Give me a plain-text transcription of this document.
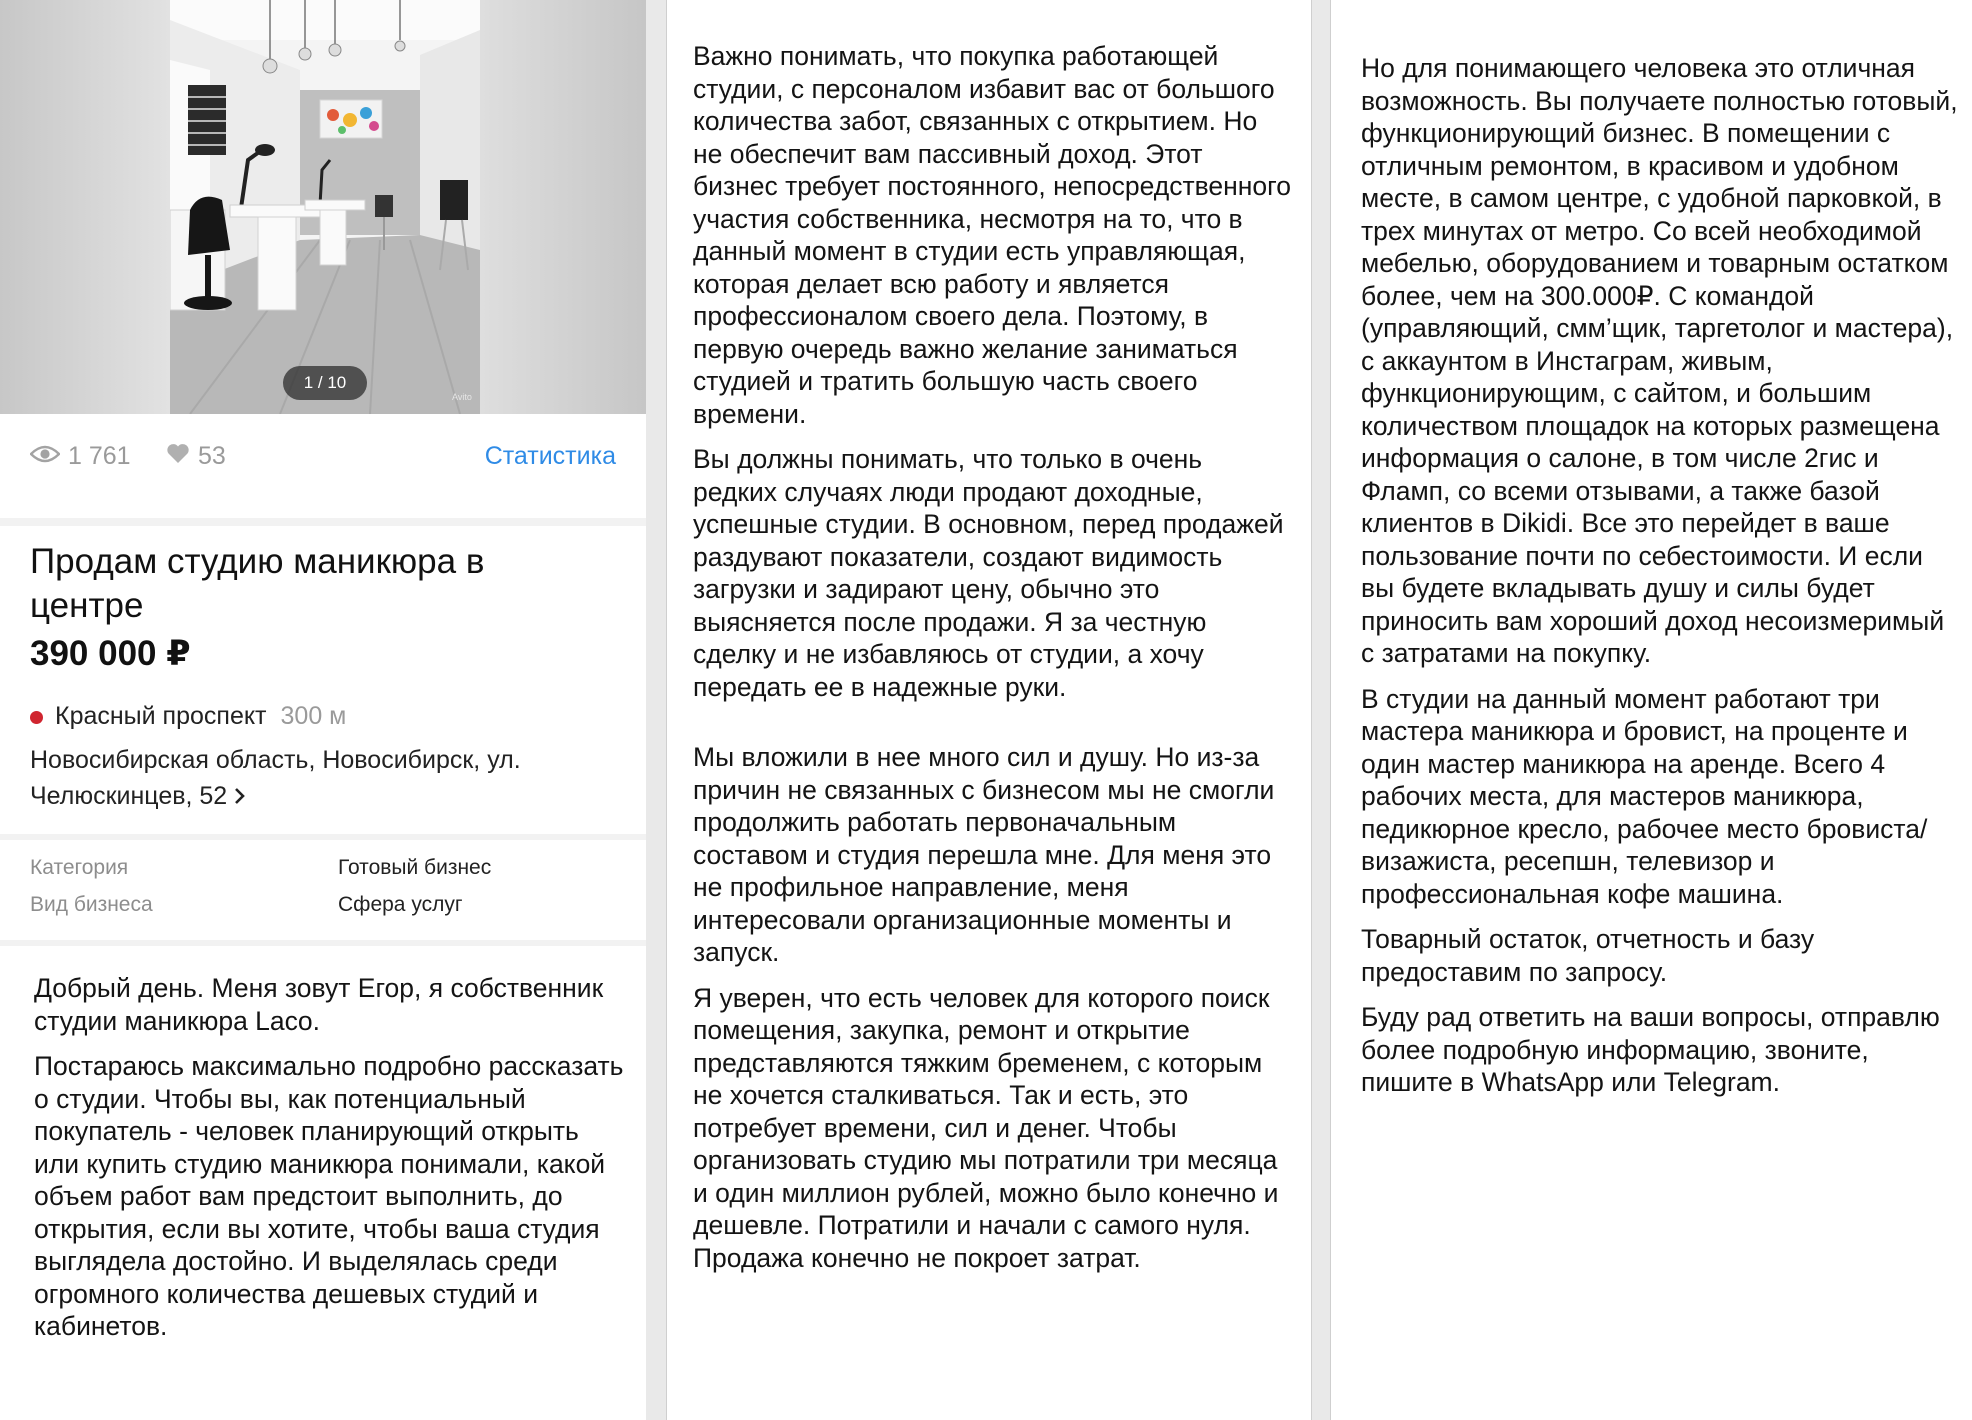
Avito
1 / 10
1 761	53	Статистика
Продам студию маникюра в центре
390 000 ₽
Красный проспект 300 м
Новосибирская область, Новосибирск, ул. Челюскинцев, 52
Категория	Готовый бизнес
Вид бизнеса	Сфера услуг

Добрый день. Меня зовут Егор, я собственник студии маникюра Laco.

Постараюсь максимально подробно рассказать о студии. Чтобы вы, как потенциальный покупатель - человек планирующий открыть или купить студию маникюра понимали, какой объем работ вам предстоит выполнить, до открытия, если вы хотите, чтобы ваша студия выглядела достойно. И выделялась среди огромного количества дешевых студий и кабинетов.

Важно понимать, что покупка работающей студии, с персоналом избавит вас от большого количества забот, связанных с открытием. Но не обеспечит вам пассивный доход. Этот бизнес требует постоянного, непосредственного участия собственника, несмотря на то, что в данный момент в студии есть управляющая, которая делает всю работу и является профессионалом своего дела. Поэтому, в первую очередь важно желание заниматься студией и тратить большую часть своего времени.

Вы должны понимать, что только в очень редких случаях люди продают доходные, успешные студии. В основном, перед продажей раздувают показатели, создают видимость загрузки и задирают цену, обычно это выясняется после продажи. Я за честную сделку и не избавляюсь от студии, а хочу передать ее в надежные руки.

Мы вложили в нее много сил и душу. Но из-за причин не связанных с бизнесом мы не смогли продолжить работать первоначальным составом и студия перешла мне. Для меня это не профильное направление, меня интересовали организационные моменты и запуск.

Я уверен, что есть человек для которого поиск помещения, закупка, ремонт и открытие представляются тяжким бременем, с которым не хочется сталкиваться. Так и есть, это потребует времени, сил и денег. Чтобы организовать студию мы потратили три месяца и один миллион рублей, можно было конечно и дешевле. Потратили и начали с самого нуля. Продажа конечно не покроет затрат.

Но для понимающего человека это отличная возможность. Вы получаете полностью готовый, функционирующий бизнес. В помещении с отличным ремонтом, в красивом и удобном месте, в самом центре, с удобной парковкой, в трех минутах от метро. Со всей необходимой мебелью, оборудованием и товарным остатком более, чем на 300.000₽. С командой (управляющий, смм’щик, таргетолог и мастера), с аккаунтом в Инстаграм, живым, функционирующим, с сайтом, и большим количеством площадок на которых размещена информация о салоне, в том числе 2гис и Фламп, со всеми отзывами, а также базой клиентов в Dikidi. Все это перейдет в ваше пользование почти по себестоимости. И если вы будете вкладывать душу и силы будет приносить вам хороший доход несоизмеримый с затратами на покупку.

В студии на данный момент работают три мастера маникюра и бровист, на проценте и один мастер маникюра на аренде. Всего 4 рабочих места, для мастеров маникюра, педикюрное кресло, рабочее место бровиста/визажиста, ресепшн, телевизор и профессиональная кофе машина.

Товарный остаток, отчетность и базу предоставим по запросу.

Буду рад ответить на ваши вопросы, отправлю более подробную информацию, звоните, пишите в WhatsApp или Telegram.
